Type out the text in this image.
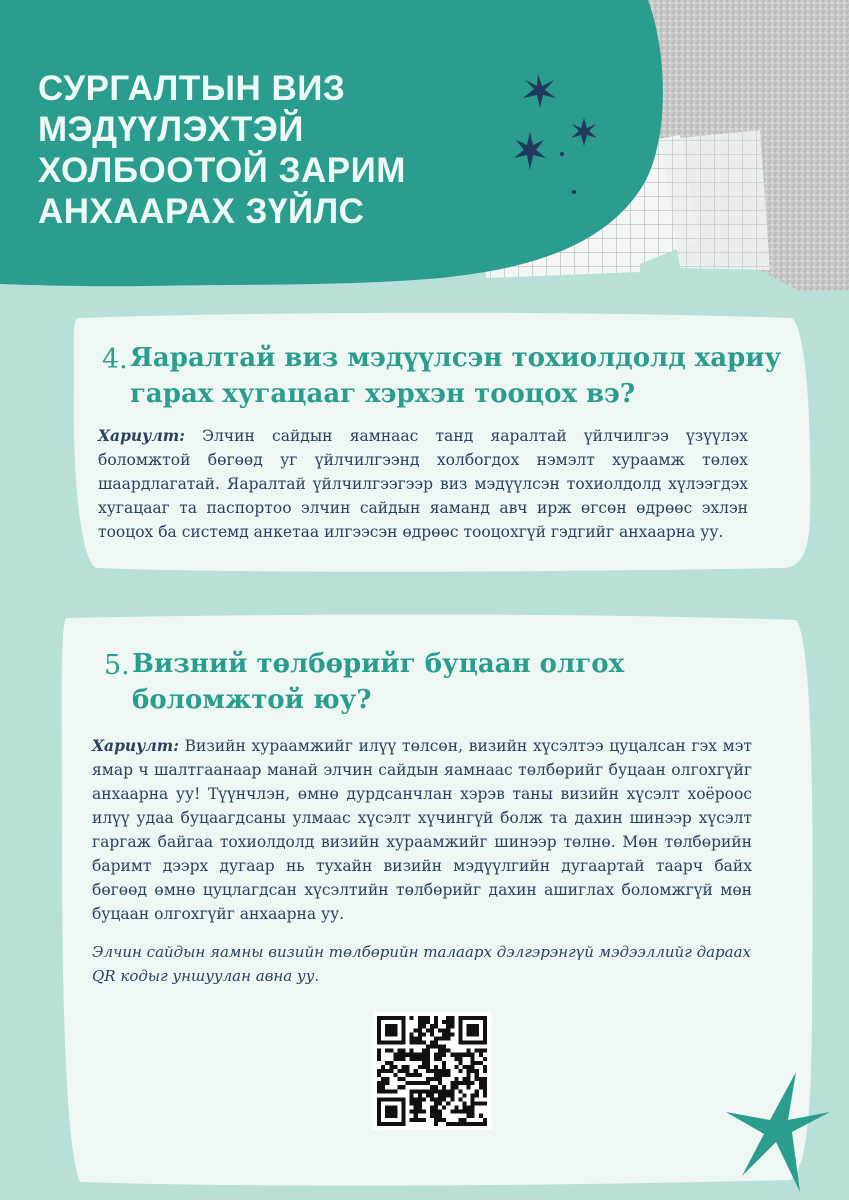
СУРГАЛТЫН ВИЗ
МЭДҮҮЛЭХТЭЙ
ХОЛБООТОЙ ЗАРИМ
АНХААРАХ ЗҮЙЛС
4. Яаралтай виз мэдүүлсэн тохиолдолд хариу
гарах хугацааг хэрхэн тооцох вэ?

Хариулт: Элчин сайдын яамнаас танд яаралтай үйлчилгээ үзүүлэх боломжтой бөгөөд уг үйлчилгээнд холбогдох нэмэлт хураамж төлөх шаардлагатай. Яаралтай үйлчилгээгээр виз мэдүүлсэн тохиолдолд хүлээгдэх хугацааг та паспортоо элчин сайдын яаманд авч ирж өгсөн өдрөөс эхлэн тооцох ба системд анкетаа илгээсэн өдрөөс тооцохгүй гэдгийг анхаарна уу.

5. Визний төлбөрийг буцаан олгох
боломжтой юу?

Хариулт: Визийн хураамжийг илүү төлсөн, визийн хүсэлтээ цуцалсан гэх мэт ямар ч шалтгаанаар манай элчин сайдын яамнаас төлбөрийг буцаан олгохгүйг анхаарна уу! Түүнчлэн, өмнө дурдсанчлан хэрэв таны визийн хүсэлт хоёроос илүү удаа буцаагдсаны улмаас хүсэлт хүчингүй болж та дахин шинээр хүсэлт гаргаж байгаа тохиолдолд визийн хураамжийг шинээр төлнө. Мөн төлбөрийн баримт дээрх дугаар нь тухайн визийн мэдүүлгийн дугаартай таарч байх бөгөөд өмнө цуцлагдсан хүсэлтийн төлбөрийг дахин ашиглах боломжгүй мөн буцаан олгохгүйг анхаарна уу.

Элчин сайдын яамны визийн төлбөрийн талаарх дэлгэрэнгүй мэдээллийг дараах QR кодыг уншуулан авна уу.
